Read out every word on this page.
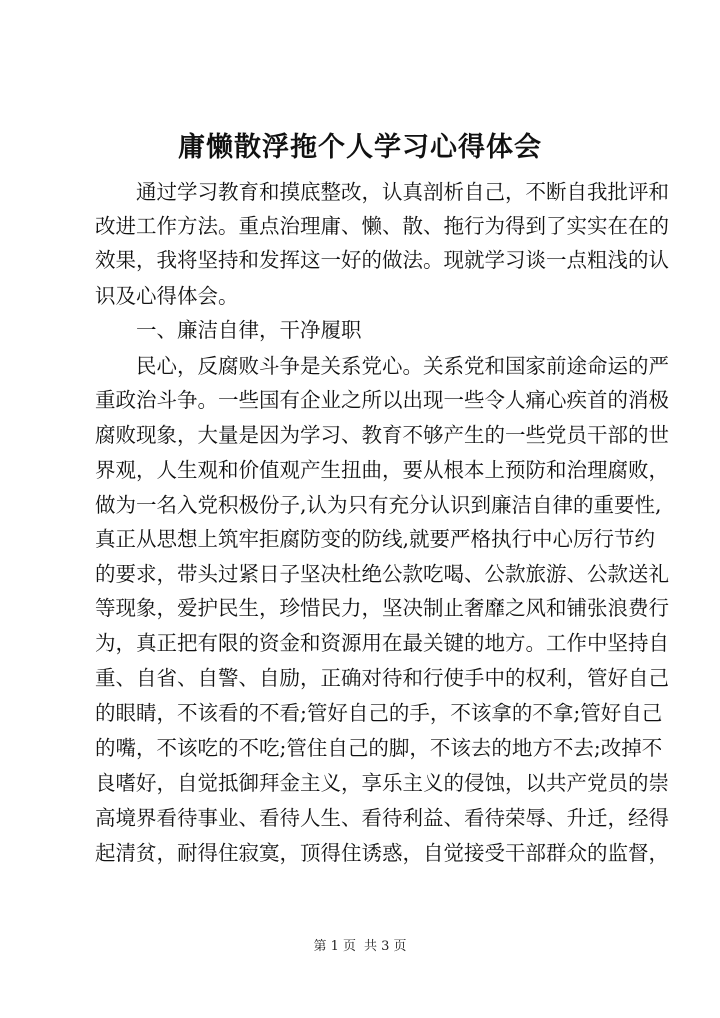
庸懒散浮拖个人学习心得体会

通过学习教育和摸底整改，认真剖析自己，不断自我批评和

改进工作方法。重点治理庸、懒、散、拖行为得到了实实在在的

效果，我将坚持和发挥这一好的做法。现就学习谈一点粗浅的认

识及心得体会。

一、廉洁自律，干净履职

民心，反腐败斗争是关系党心。关系党和国家前途命运的严

重政治斗争。一些国有企业之所以出现一些令人痛心疾首的消极

腐败现象，大量是因为学习、教育不够产生的一些党员干部的世

界观，人生观和价值观产生扭曲，要从根本上预防和治理腐败，

做为一名入党积极份子,认为只有充分认识到廉洁自律的重要性,

真正从思想上筑牢拒腐防变的防线,就要严格执行中心厉行节约

的要求，带头过紧日子坚决杜绝公款吃喝、公款旅游、公款送礼

等现象，爱护民生，珍惜民力，坚决制止奢靡之风和铺张浪费行

为，真正把有限的资金和资源用在最关键的地方。工作中坚持自

重、自省、自警、自励，正确对待和行使手中的权利，管好自己

的眼睛，不该看的不看;管好自己的手，不该拿的不拿;管好自己

的嘴，不该吃的不吃;管住自己的脚，不该去的地方不去;改掉不

良嗜好，自觉抵御拜金主义，享乐主义的侵蚀，以共产党员的崇

高境界看待事业、看待人生、看待利益、看待荣辱、升迁，经得

起清贫，耐得住寂寞，顶得住诱惑，自觉接受干部群众的监督，

第 1 页 共 3 页
